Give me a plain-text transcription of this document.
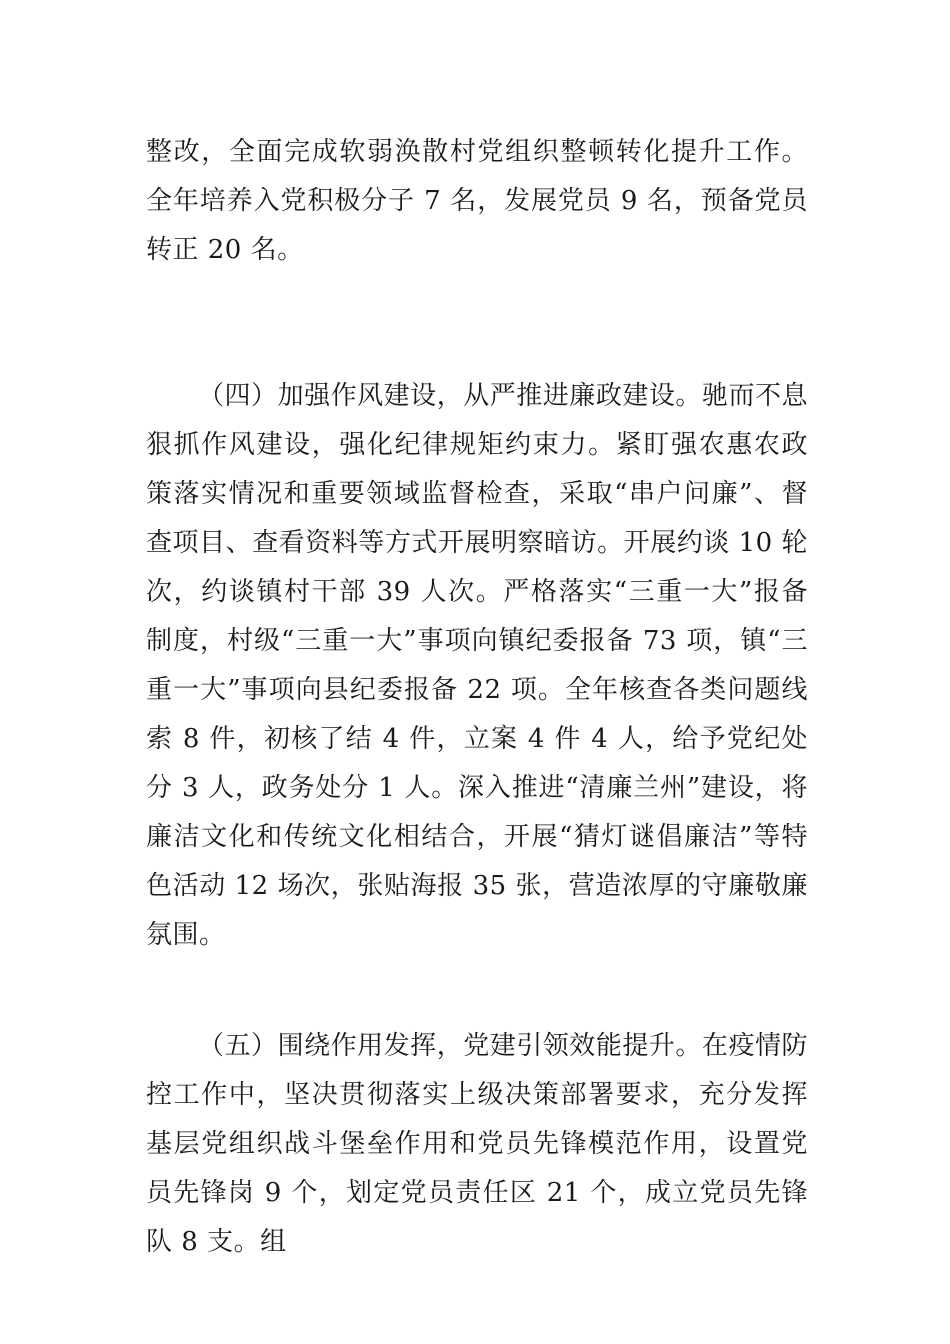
整改，全面完成软弱涣散村党组织整顿转化提升工作。全年培养入党积极分子 7 名，发展党员 9 名，预备党员转正 20 名。

（四）加强作风建设，从严推进廉政建设。驰而不息狠抓作风建设，强化纪律规矩约束力。紧盯强农惠农政策落实情况和重要领域监督检查，采取“串户问廉”、督查项目、查看资料等方式开展明察暗访。开展约谈 10 轮次，约谈镇村干部 39 人次。严格落实“三重一大”报备制度，村级“三重一大”事项向镇纪委报备 73 项，镇“三重一大”事项向县纪委报备 22 项。全年核查各类问题线索 8 件，初核了结 4 件，立案 4 件 4 人，给予党纪处分 3 人，政务处分 1 人。深入推进“清廉兰州”建设，将廉洁文化和传统文化相结合，开展“猜灯谜倡廉洁”等特色活动 12 场次，张贴海报 35 张，营造浓厚的守廉敬廉氛围。

（五）围绕作用发挥，党建引领效能提升。在疫情防控工作中，坚决贯彻落实上级决策部署要求，充分发挥基层党组织战斗堡垒作用和党员先锋模范作用，设置党员先锋岗 9 个，划定党员责任区 21 个，成立党员先锋队 8 支。组
